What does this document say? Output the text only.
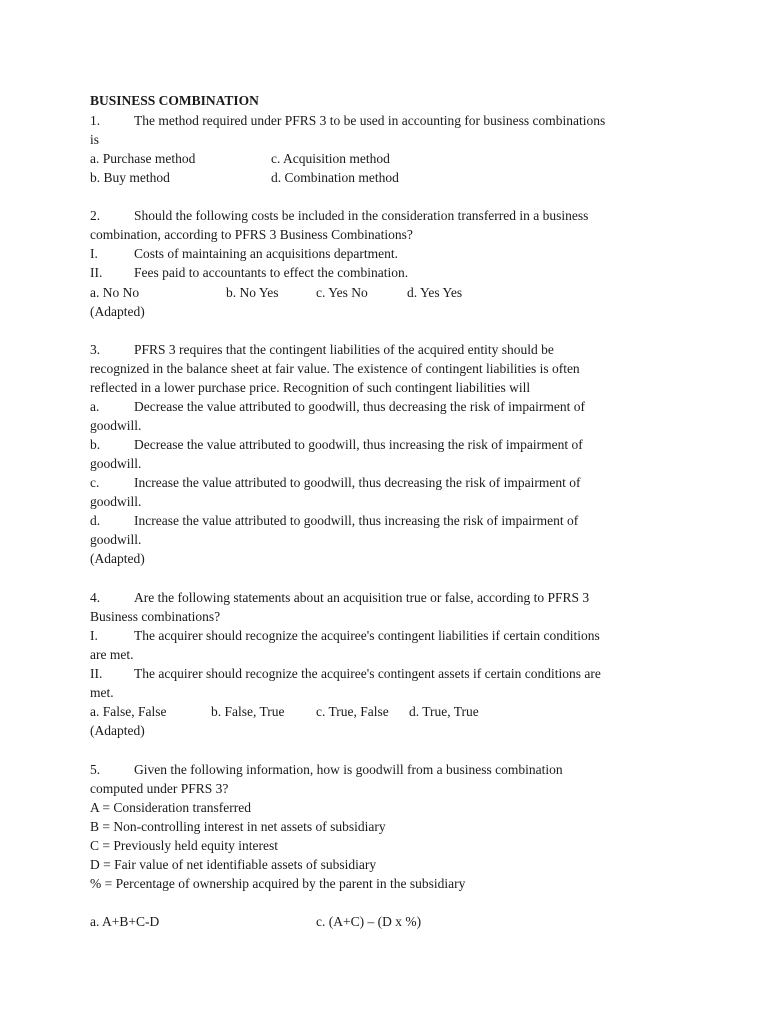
BUSINESS COMBINATION
1.	The method required under PFRS 3 to be used in accounting for business combinations
is
a. Purchase method	c. Acquisition method
b. Buy method	d. Combination method
2.	Should the following costs be included in the consideration transferred in a business
combination, according to PFRS 3 Business Combinations?
I.	Costs of maintaining an acquisitions department.
II. Fees paid to accountants to effect the combination.
a. No No	b. No Yes	c. Yes No	d. Yes Yes
(Adapted)
3.	PFRS 3 requires that the contingent liabilities of the acquired entity should be
recognized in the balance sheet at fair value. The existence of contingent liabilities is often
reflected in a lower purchase price. Recognition of such contingent liabilities will
a.	Decrease the value attributed to goodwill, thus decreasing the risk of impairment of
goodwill.
b.	Decrease the value attributed to goodwill, thus increasing the risk of impairment of
goodwill.
c.	Increase the value attributed to goodwill, thus decreasing the risk of impairment of
goodwill.
d.	Increase the value attributed to goodwill, thus increasing the risk of impairment of
goodwill.
(Adapted)
4.	Are the following statements about an acquisition true or false, according to PFRS 3
Business combinations?
I.	The acquirer should recognize the acquiree's contingent liabilities if certain conditions
are met.
II. The acquirer should recognize the acquiree's contingent assets if certain conditions are
met.
a. False, False	b. False, True c. True, False d. True, True
(Adapted)
5.	Given the following information, how is goodwill from a business combination
computed under PFRS 3?
A = Consideration transferred
B = Non-controlling interest in net assets of subsidiary
C = Previously held equity interest
D = Fair value of net identifiable assets of subsidiary
% = Percentage of ownership acquired by the parent in the subsidiary
a. A+B+C-D	c. (A+C) – (D x %)
